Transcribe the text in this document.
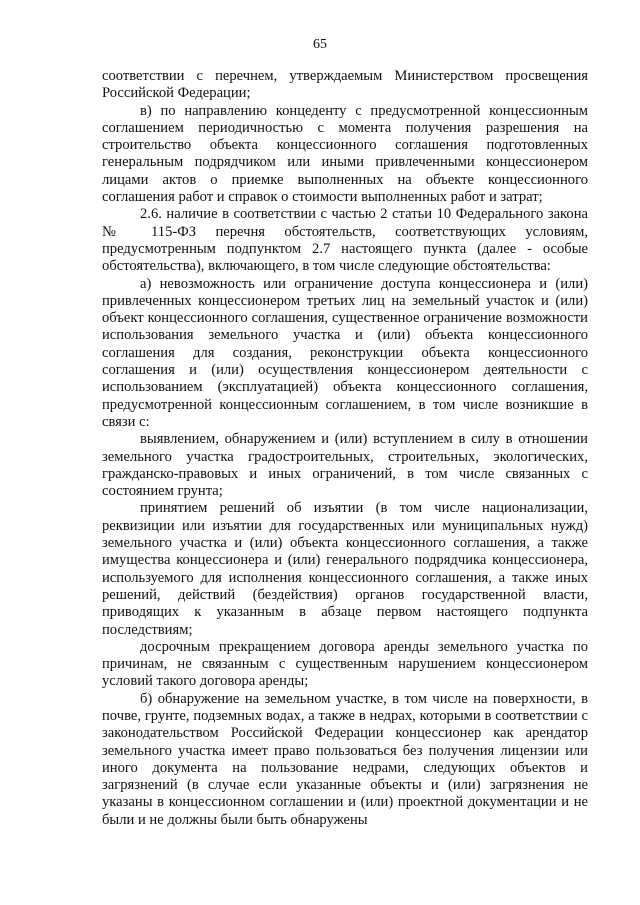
65

соответствии с перечнем, утверждаемым Министерством просвещения Российской Федерации;

в) по направлению концеденту с предусмотренной концессионным соглашением периодичностью с момента получения разрешения на строительство объекта концессионного соглашения подготовленных генеральным подрядчиком или иными привлеченными концессионером лицами актов о приемке выполненных на объекте концессионного соглашения работ и справок о стоимости выполненных работ и затрат;

2.6. наличие в соответствии с частью 2 статьи 10 Федерального закона № 115-ФЗ перечня обстоятельств, соответствующих условиям, предусмотренным подпунктом 2.7 настоящего пункта (далее - особые обстоятельства), включающего, в том числе следующие обстоятельства:

а) невозможность или ограничение доступа концессионера и (или) привлеченных концессионером третьих лиц на земельный участок и (или) объект концессионного соглашения, существенное ограничение возможности использования земельного участка и (или) объекта концессионного соглашения для создания, реконструкции объекта концессионного соглашения и (или) осуществления концессионером деятельности с использованием (эксплуатацией) объекта концессионного соглашения, предусмотренной концессионным соглашением, в том числе возникшие в связи с:

выявлением, обнаружением и (или) вступлением в силу в отношении земельного участка градостроительных, строительных, экологических, гражданско-правовых и иных ограничений, в том числе связанных с состоянием грунта;

принятием решений об изъятии (в том числе национализации, реквизиции или изъятии для государственных или муниципальных нужд) земельного участка и (или) объекта концессионного соглашения, а также имущества концессионера и (или) генерального подрядчика концессионера, используемого для исполнения концессионного соглашения, а также иных решений, действий (бездействия) органов государственной власти, приводящих к указанным в абзаце первом настоящего подпункта последствиям;

досрочным прекращением договора аренды земельного участка по причинам, не связанным с существенным нарушением концессионером условий такого договора аренды;

б) обнаружение на земельном участке, в том числе на поверхности, в почве, грунте, подземных водах, а также в недрах, которыми в соответствии с законодательством Российской Федерации концессионер как арендатор земельного участка имеет право пользоваться без получения лицензии или иного документа на пользование недрами, следующих объектов и загрязнений (в случае если указанные объекты и (или) загрязнения не указаны в концессионном соглашении и (или) проектной документации и не были и не должны были быть обнаружены
